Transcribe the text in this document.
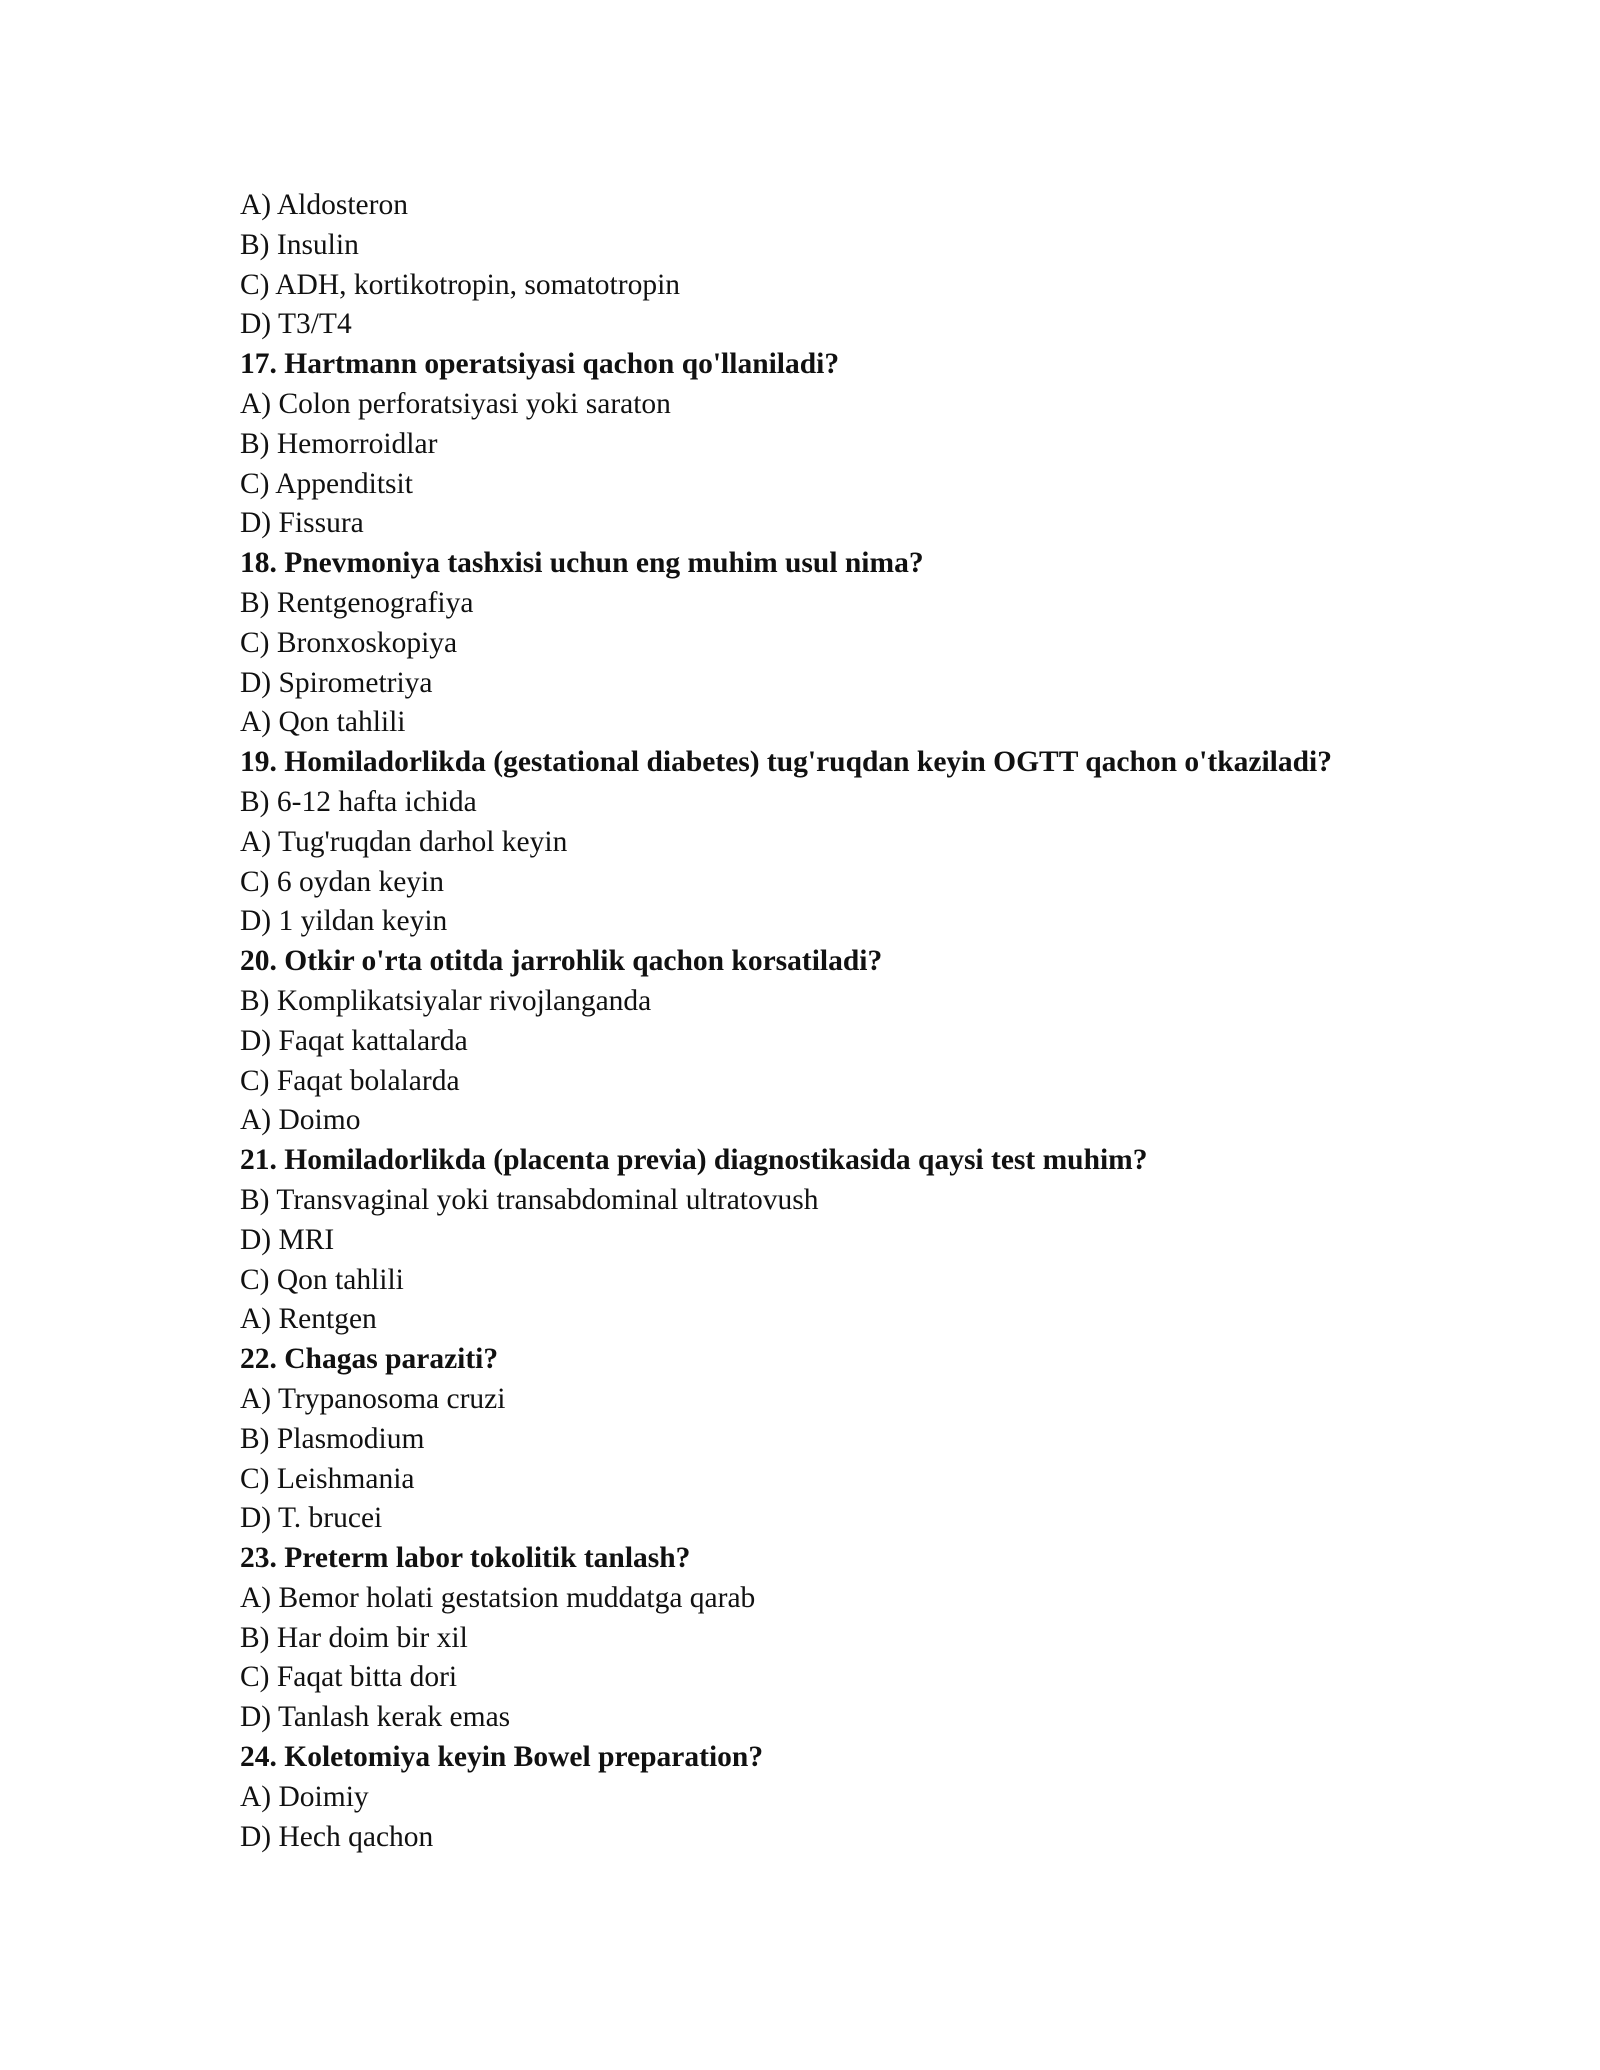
A) Aldosteron
B) Insulin
C) ADH, kortikotropin, somatotropin
D) T3/T4
17. Hartmann operatsiyasi qachon qo'llaniladi?
A) Colon perforatsiyasi yoki saraton
B) Hemorroidlar
C) Appenditsit
D) Fissura
18. Pnevmoniya tashxisi uchun eng muhim usul nima?
B) Rentgenografiya
C) Bronxoskopiya
D) Spirometriya
A) Qon tahlili
19. Homiladorlikda (gestational diabetes) tug'ruqdan keyin OGTT qachon o'tkaziladi?
B) 6-12 hafta ichida
A) Tug'ruqdan darhol keyin
C) 6 oydan keyin
D) 1 yildan keyin
20. Otkir o'rta otitda jarrohlik qachon korsatiladi?
B) Komplikatsiyalar rivojlanganda
D) Faqat kattalarda
C) Faqat bolalarda
A) Doimo
21. Homiladorlikda (placenta previa) diagnostikasida qaysi test muhim?
B) Transvaginal yoki transabdominal ultratovush
D) MRI
C) Qon tahlili
A) Rentgen
22. Chagas paraziti?
A) Trypanosoma cruzi
B) Plasmodium
C) Leishmania
D) T. brucei
23. Preterm labor tokolitik tanlash?
A) Bemor holati gestatsion muddatga qarab
B) Har doim bir xil
C) Faqat bitta dori
D) Tanlash kerak emas
24. Koletomiya keyin Bowel preparation?
A) Doimiy
D) Hech qachon
